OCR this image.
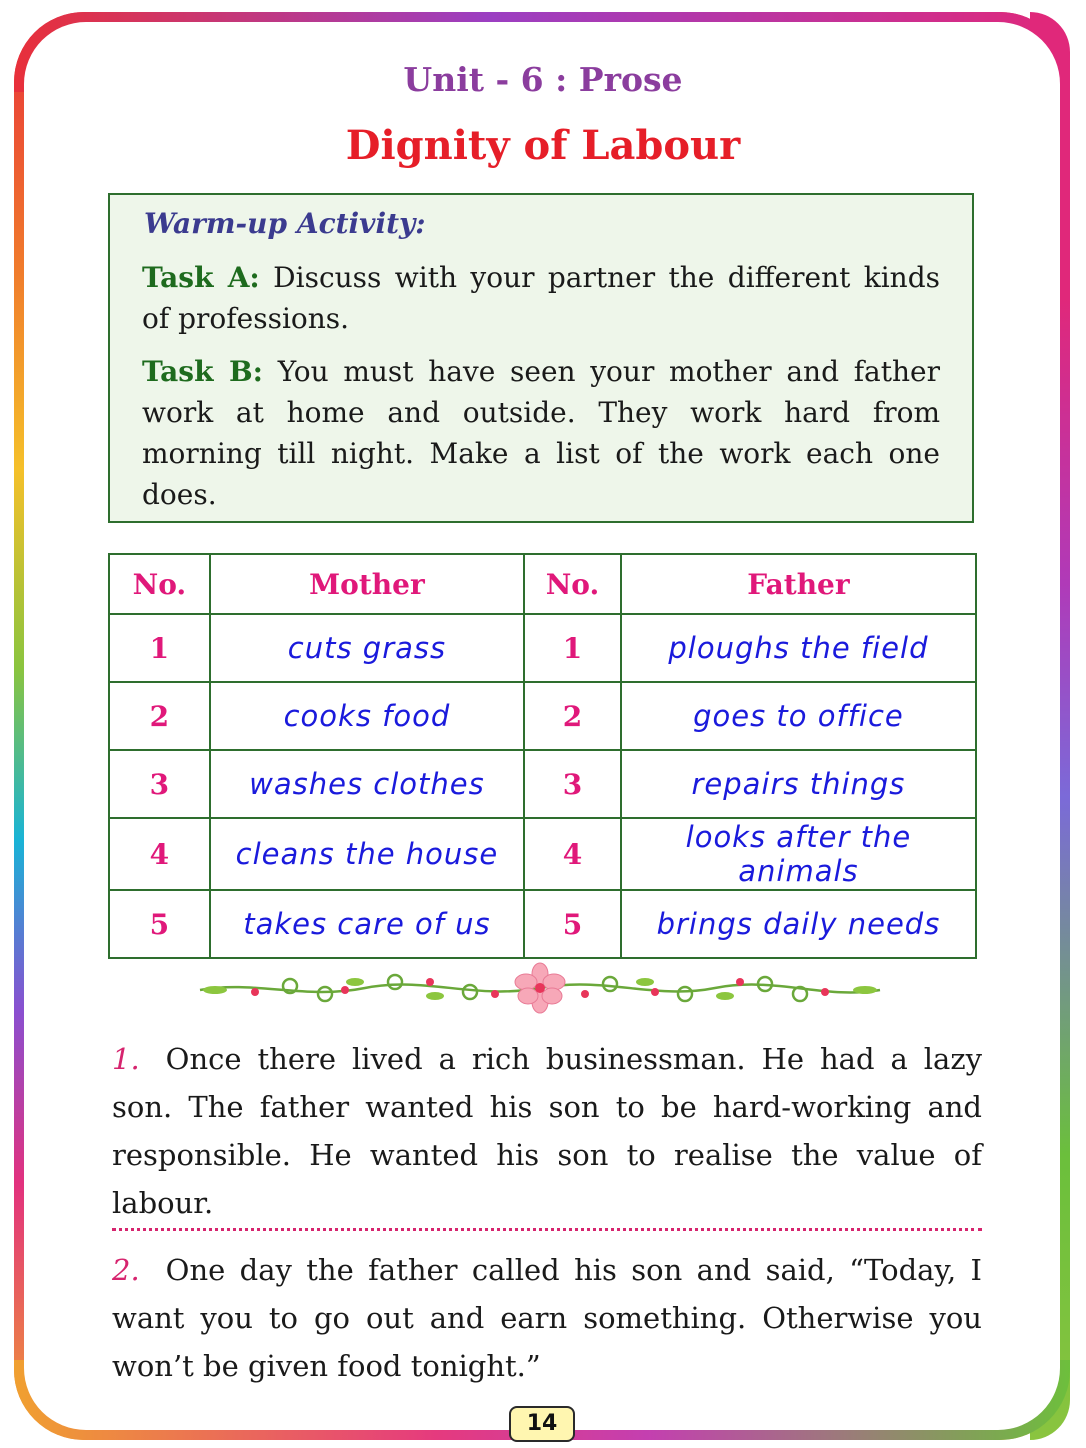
Unit - 6 : Prose
Dignity of Labour
Warm-up Activity:
Task A: Discuss with your partner the different kinds of professions.
Task B: You must have seen your mother and father work at home and outside. They work hard from morning till night. Make a list of the work each one does.
No.	Mother	No.	Father
1	cuts grass	1	ploughs the field
2	cooks food	2	goes to office
3	washes clothes	3	repairs things
4	cleans the house	4	looks after the animals
5	takes care of us	5	brings daily needs
1. Once there lived a rich businessman. He had a lazy son. The father wanted his son to be hard-working and responsible. He wanted his son to realise the value of labour.
2. One day the father called his son and said, “Today, I want you to go out and earn something. Otherwise you won’t be given food tonight.”
14
